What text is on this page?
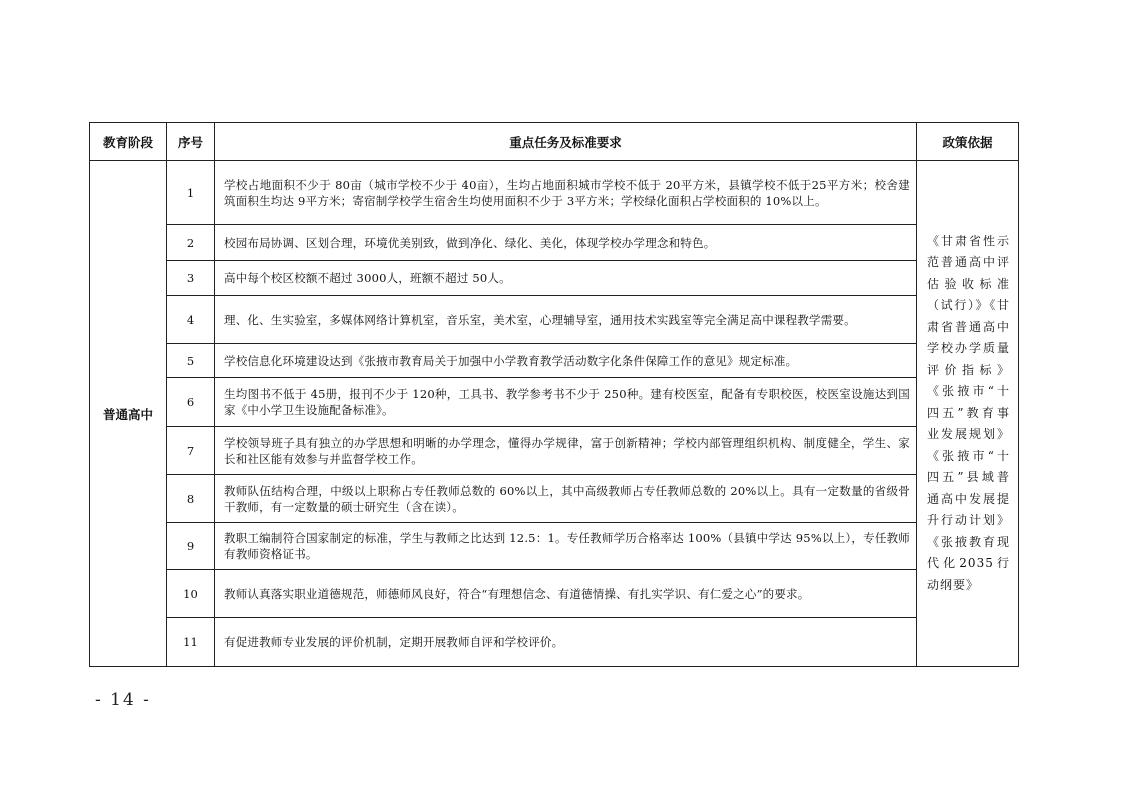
教育阶段	序号	重点任务及标准要求	政策依据
普通高中	1	学校占地面积不少于 80亩（城市学校不少于 40亩），生均占地面积城市学校不低于 20平方米，县镇学校不低于25平方米；校舍建筑面积生均达 9平方米；寄宿制学校学生宿舍生均使用面积不少于 3平方米；学校绿化面积占学校面积的 10%以上。	《甘肃省性示范普通高中评估验收标准（试行）》《甘肃省普通高中学校办学质量评价指标》《张掖市“十四五”教育事业发展规划》《张掖市“十四五”县域普通高中发展提升行动计划》《张掖教育现代化2035行动纲要》
	2	校园布局协调、区划合理，环境优美别致，做到净化、绿化、美化，体现学校办学理念和特色。	
	3	高中每个校区校额不超过 3000人，班额不超过 50人。	
	4	理、化、生实验室，多媒体网络计算机室，音乐室，美术室，心理辅导室，通用技术实践室等完全满足高中课程教学需要。	
	5	学校信息化环境建设达到《张掖市教育局关于加强中小学教育教学活动数字化条件保障工作的意见》规定标准。	
	6	生均图书不低于 45册，报刊不少于 120种，工具书、教学参考书不少于 250种。建有校医室，配备有专职校医，校医室设施达到国家《中小学卫生设施配备标准》。	
	7	学校领导班子具有独立的办学思想和明晰的办学理念，懂得办学规律，富于创新精神；学校内部管理组织机构、制度健全，学生、家长和社区能有效参与并监督学校工作。	
	8	教师队伍结构合理，中级以上职称占专任教师总数的 60%以上，其中高级教师占专任教师总数的 20%以上。具有一定数量的省级骨干教师，有一定数量的硕士研究生（含在读）。	
	9	教职工编制符合国家制定的标准，学生与教师之比达到 12.5：1。专任教师学历合格率达 100%（县镇中学达 95%以上），专任教师有教师资格证书。	
	10	教师认真落实职业道德规范，师德师风良好，符合“有理想信念、有道德情操、有扎实学识、有仁爱之心”的要求。	
	11	有促进教师专业发展的评价机制，定期开展教师自评和学校评价。	
- 14 -
